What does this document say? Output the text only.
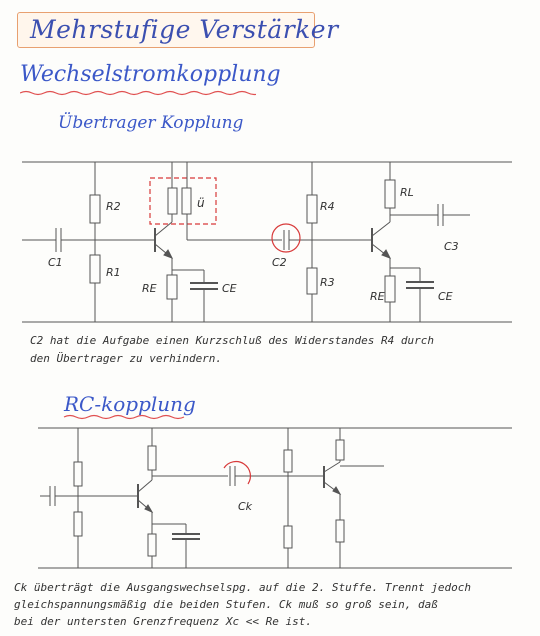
Mehrstufige Verstärker
Wechselstromkopplung
Übertrager Kopplung
C1
R1
R2
RE	CE
ü
C2
R3
R4
RL
RE	CE
C3
C2 hat die Aufgabe einen Kurzschluß des Widerstandes R4 durch
den Übertrager zu verhindern.
RC-kopplung
Ck
Ck überträgt die Ausgangswechselspg. auf die 2. Stuffe. Trennt jedoch
gleichspannungsmäßig die beiden Stufen. Ck muß so groß sein, daß
bei der untersten Grenzfrequenz Xc << Re ist.
